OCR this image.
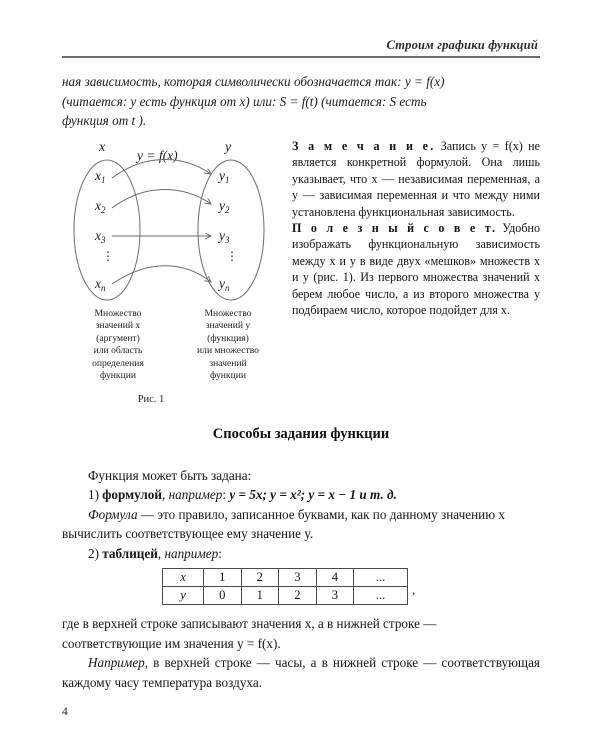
Строим графики функций
ная зависимость, которая символически обозначается так: y = f(x)
(читается: y есть функция от x) или: S = f(t) (читается: S есть
функция от t ).
x	y
y = f(x)
$x_1$
$x_2$
$x_3$
⋮
$x_n$
$y_1$
$y_2$
$y_3$
⋮
$y_n$
Множество
значений x
(аргумент)
или область
определения
функции
Множество
значений y
(функция)
или множество
значений
функции
Рис. 1

З а м е ч а н и е. Запись y = f(x) не является конкретной формулой. Она лишь указывает, что x — независимая переменная, а y — зависимая переменная и что между ними установлена функциональная зависимость.

П о л е з н ы й с о в е т. Удобно изображать функциональную зависимость между x и y в виде двух «мешков» множеств x и y (рис. 1). Из первого множества значений x берем любое число, а из второго множества y подбираем число, которое подойдет для x.

Способы задания функции
Функция может быть задана:
1) формулой, например: y = 5x; y = x²; y = x − 1 и т. д.
Формула — это правило, записанное буквами, как по данному значению x вычислить соответствующее ему значение y.
2) таблицей, например:
x	1	2	3	4	...
y	0	1	2	3	... ,
где в верхней строке записывают значения x, а в нижней строке —
соответствующие им значения y = f(x).
Например, в верхней строке — часы, а в нижней строке — соответствующая каждому часу температура воздуха.
4
